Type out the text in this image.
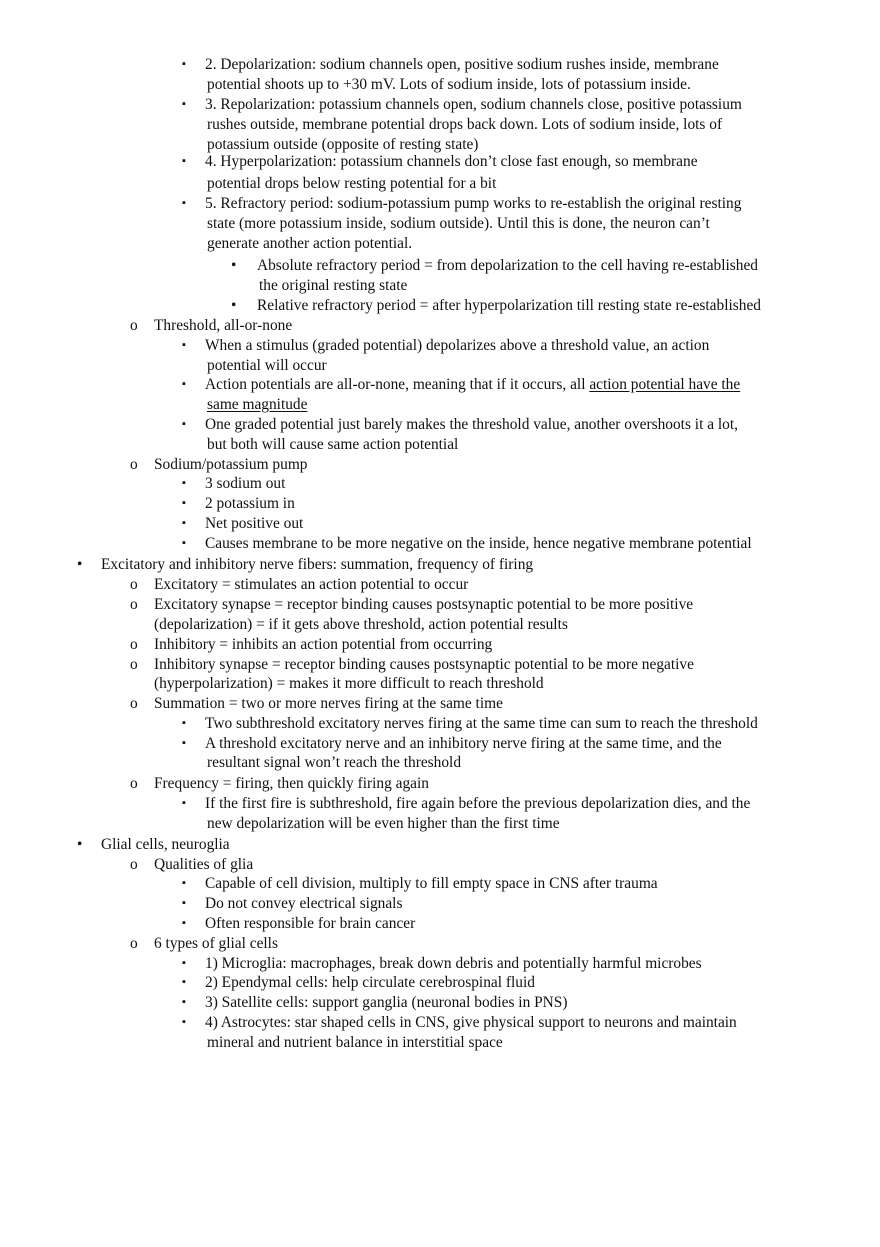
▪ 2. Depolarization: sodium channels open, positive sodium rushes inside, membrane
potential shoots up to +30 mV. Lots of sodium inside, lots of potassium inside.
▪ 3. Repolarization: potassium channels open, sodium channels close, positive potassium
rushes outside, membrane potential drops back down. Lots of sodium inside, lots of
potassium outside (opposite of resting state)
▪ 4. Hyperpolarization: potassium channels don’t close fast enough, so membrane
potential drops below resting potential for a bit
▪ 5. Refractory period: sodium-potassium pump works to re-establish the original resting
state (more potassium inside, sodium outside). Until this is done, the neuron can’t
generate another action potential.
• Absolute refractory period = from depolarization to the cell having re-established
the original resting state
• Relative refractory period = after hyperpolarization till resting state re-established
o Threshold, all-or-none
▪ When a stimulus (graded potential) depolarizes above a threshold value, an action
potential will occur
▪ Action potentials are all-or-none, meaning that if it occurs, all action potential have the
same magnitude
▪ One graded potential just barely makes the threshold value, another overshoots it a lot,
but both will cause same action potential
o Sodium/potassium pump
▪ 3 sodium out
▪ 2 potassium in
▪ Net positive out
▪ Causes membrane to be more negative on the inside, hence negative membrane potential
• Excitatory and inhibitory nerve fibers: summation, frequency of firing
o Excitatory = stimulates an action potential to occur
o Excitatory synapse = receptor binding causes postsynaptic potential to be more positive
(depolarization) = if it gets above threshold, action potential results
o Inhibitory = inhibits an action potential from occurring
o Inhibitory synapse = receptor binding causes postsynaptic potential to be more negative
(hyperpolarization) = makes it more difficult to reach threshold
o Summation = two or more nerves firing at the same time
▪ Two subthreshold excitatory nerves firing at the same time can sum to reach the threshold
▪ A threshold excitatory nerve and an inhibitory nerve firing at the same time, and the
resultant signal won’t reach the threshold
o Frequency = firing, then quickly firing again
▪ If the first fire is subthreshold, fire again before the previous depolarization dies, and the
new depolarization will be even higher than the first time
• Glial cells, neuroglia
o Qualities of glia
▪ Capable of cell division, multiply to fill empty space in CNS after trauma
▪ Do not convey electrical signals
▪ Often responsible for brain cancer
o 6 types of glial cells
▪ 1) Microglia: macrophages, break down debris and potentially harmful microbes
▪ 2) Ependymal cells: help circulate cerebrospinal fluid
▪ 3) Satellite cells: support ganglia (neuronal bodies in PNS)
▪ 4) Astrocytes: star shaped cells in CNS, give physical support to neurons and maintain
mineral and nutrient balance in interstitial space
